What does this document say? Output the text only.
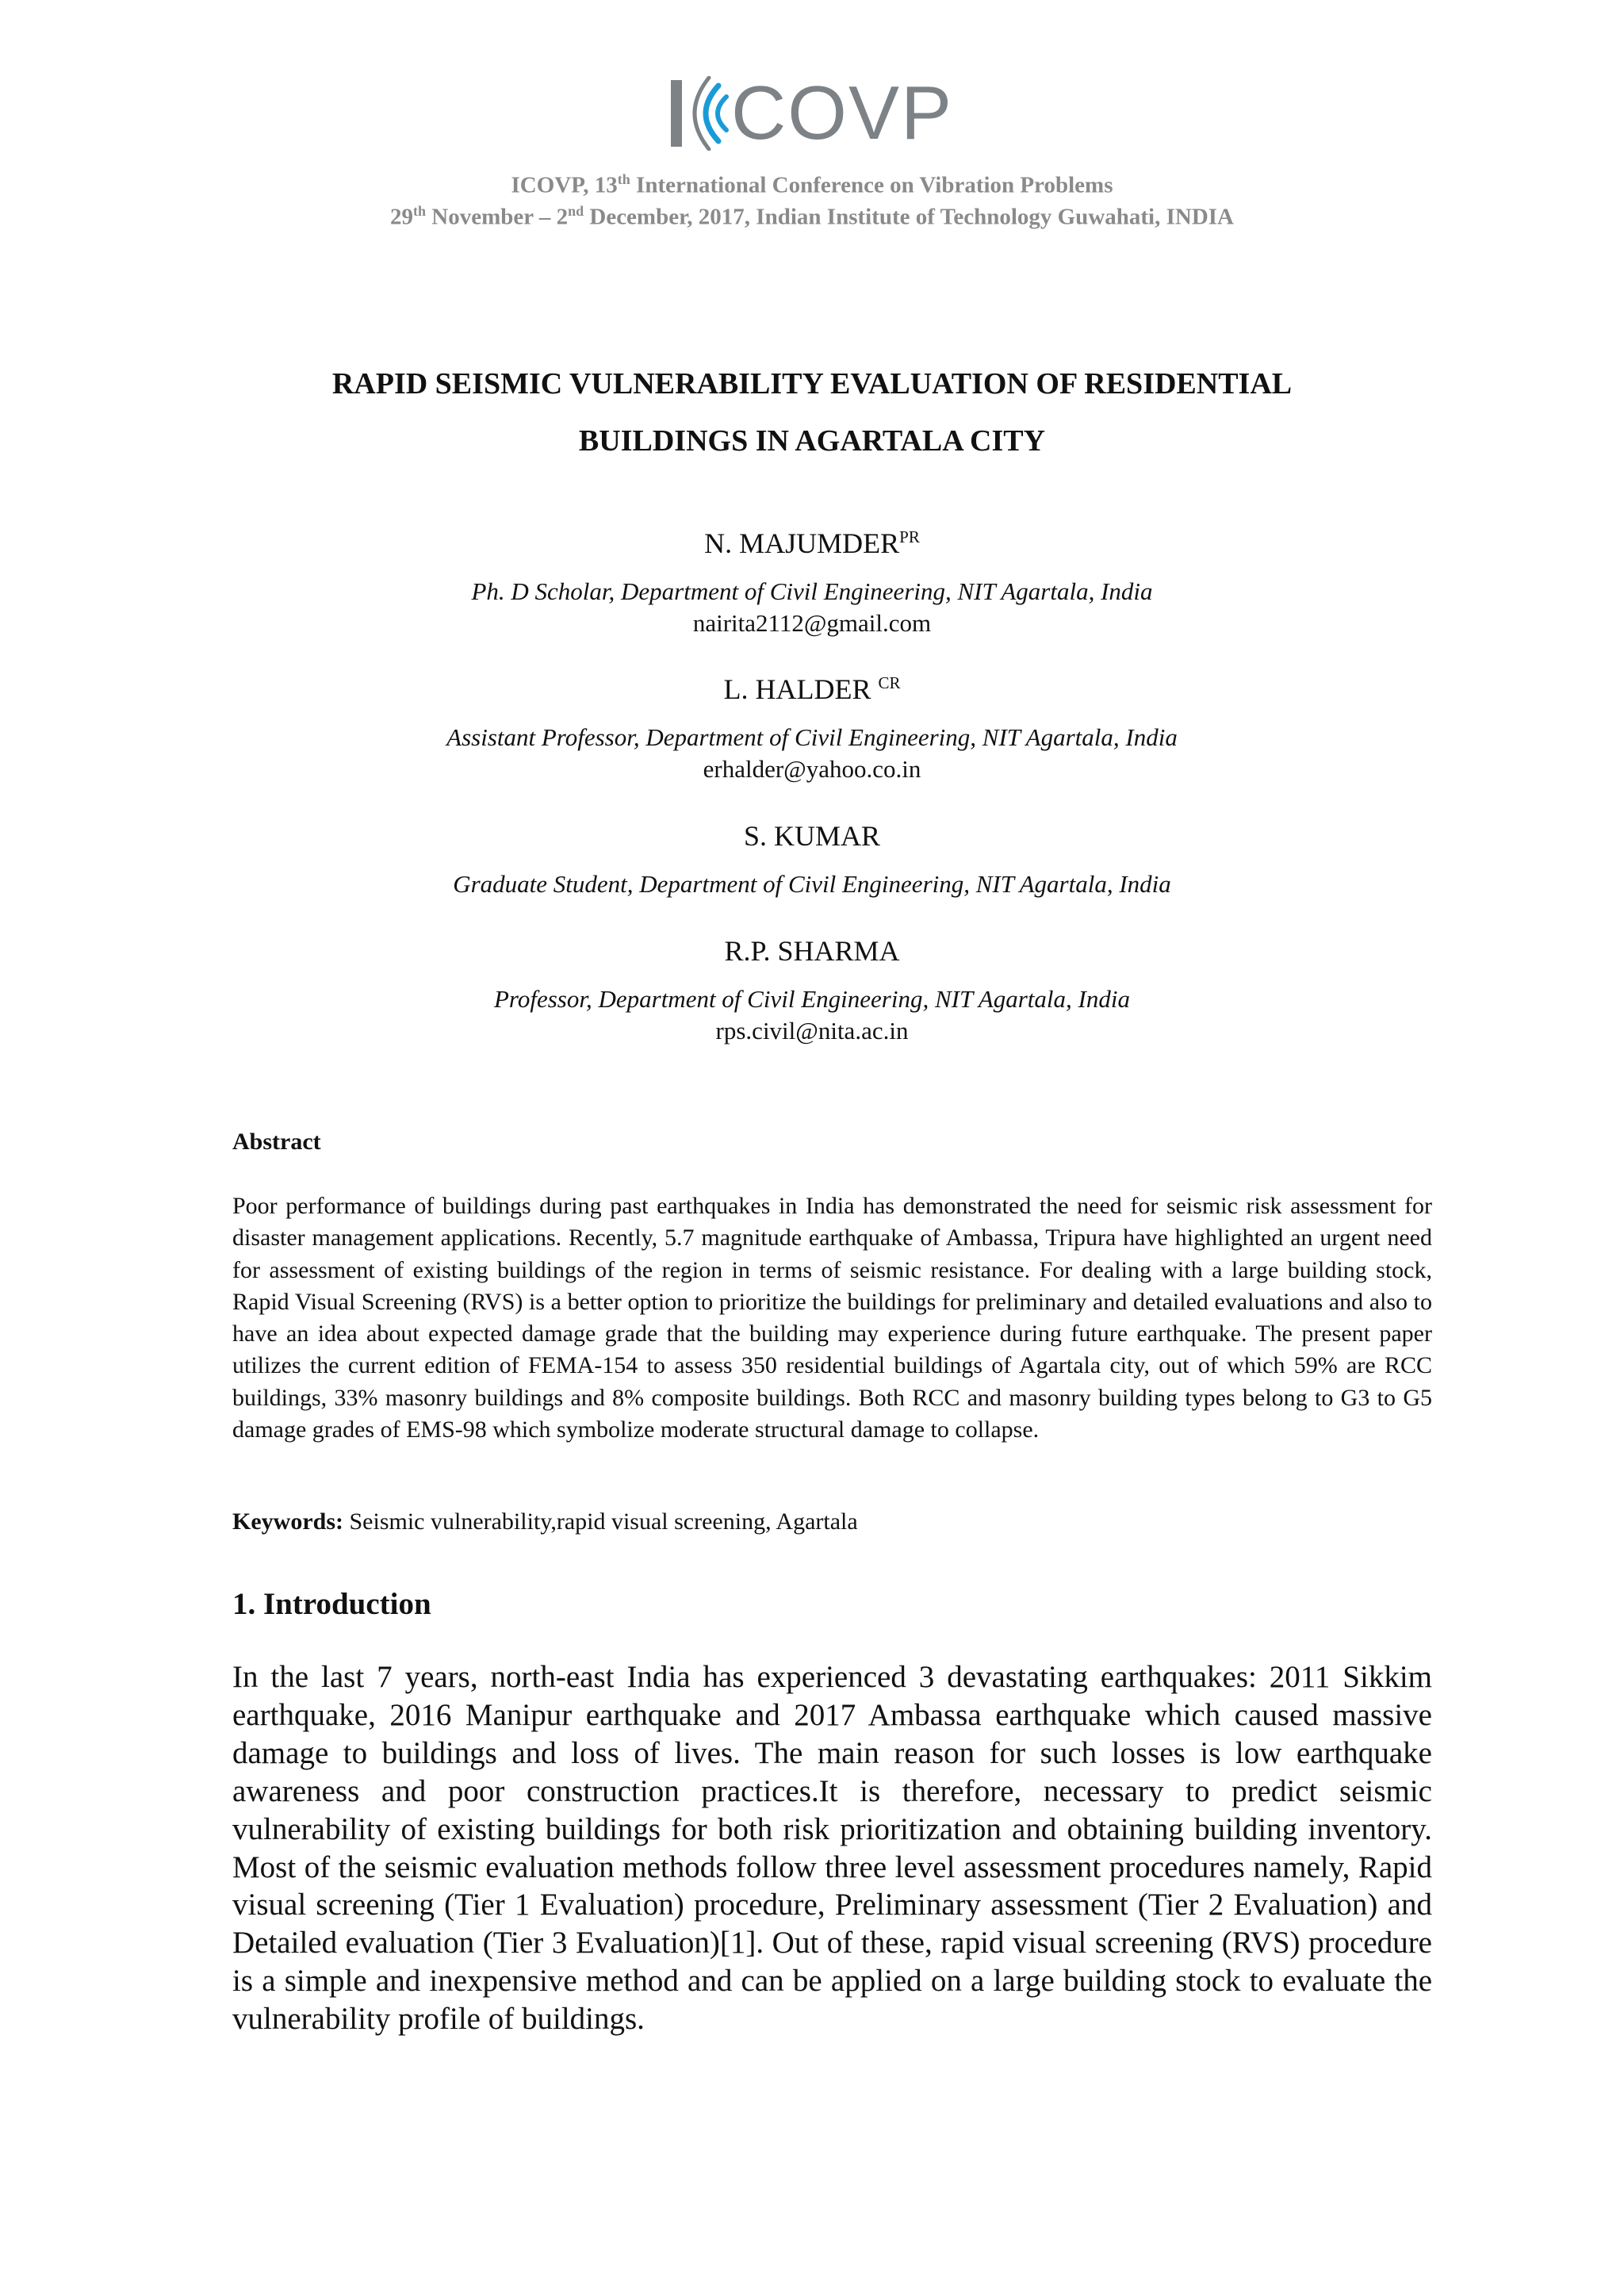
COVP
ICOVP, 13th International Conference on Vibration Problems
29th November – 2nd December, 2017, Indian Institute of Technology Guwahati, INDIA
RAPID SEISMIC VULNERABILITY EVALUATION OF RESIDENTIAL
BUILDINGS IN AGARTALA CITY
N. $MAJUMDER^{PR}$
Ph. D Scholar, Department of Civil Engineering, NIT Agartala, India
nairita2112@gmail.com
L. HALDER $^{CR}$
Assistant Professor, Department of Civil Engineering, NIT Agartala, India
erhalder@yahoo.co.in
S. KUMAR
Graduate Student, Department of Civil Engineering, NIT Agartala, India
R.P. SHARMA
Professor, Department of Civil Engineering, NIT Agartala, India
rps.civil@nita.ac.in
Abstract
Poor performance of buildings during past earthquakes in India has demonstrated the need for seismic risk assessment for disaster management applications. Recently, 5.7 magnitude earthquake of Ambassa, Tripura have highlighted an urgent need for assessment of existing buildings of the region in terms of seismic resistance. For dealing with a large building stock, Rapid Visual Screening (RVS) is a better option to prioritize the buildings for preliminary and detailed evaluations and also to have an idea about expected damage grade that the building may experience during future earthquake. The present paper utilizes the current edition of FEMA-154 to assess 350 residential buildings of Agartala city, out of which 59% are RCC buildings, 33% masonry buildings and 8% composite buildings. Both RCC and masonry building types belong to G3 to G5 damage grades of EMS-98 which symbolize moderate structural damage to collapse.
Keywords: Seismic vulnerability,rapid visual screening, Agartala
1. Introduction
In the last 7 years, north-east India has experienced 3 devastating earthquakes: 2011 Sikkim earthquake, 2016 Manipur earthquake and 2017 Ambassa earthquake which caused massive damage to buildings and loss of lives. The main reason for such losses is low earthquake awareness and poor construction practices.It is therefore, necessary to predict seismic vulnerability of existing buildings for both risk prioritization and obtaining building inventory. Most of the seismic evaluation methods follow three level assessment procedures namely, Rapid visual screening (Tier 1 Evaluation) procedure, Preliminary assessment (Tier 2 Evaluation) and Detailed evaluation (Tier 3 Evaluation)[1]. Out of these, rapid visual screening (RVS) procedure is a simple and inexpensive method and can be applied on a large building stock to evaluate the vulnerability profile of buildings.
